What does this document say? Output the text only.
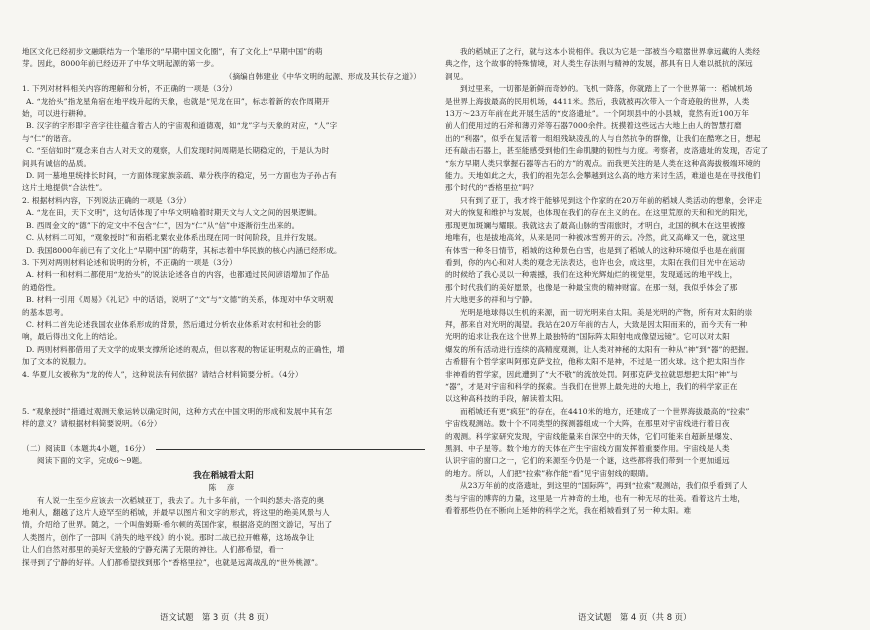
地区文化已经初步文融联结为一个雏形的“早期中国文化圈”，有了文化上“早期中国”的萌

芽。因此，8000年前已经迈开了中华文明起源的第一步。

（摘编自韩建业《中华文明的起源、形成及其长存之道》）

1. 下列对材料相关内容的理解和分析，不正确的一项是（3分）

A. “龙抬头”指龙星角宿在地平线升起的天象，也就是“见龙在田”，标志着新的农作周期开

始，可以进行耕种。

B. 汉字的字形即字音字往往蕴含着古人的宇宙观和道德观，如“龙”字与天象的对应，“人”字

与“仁”的谐音。

C. “至信如时”观念来自古人对天文的观察，人们发现时间周期是长期稳定的，于是认为时

间具有诚信的品质。

D. 同一墓地里统排长时间，一方面体现家族亲疏、辈分秩序的稳定，另一方面也为子孙占有

这片土地提供“合法性”。

2. 根据材料内容，下列说法正确的一项是（3分）

A. “龙在田，天下文明”，这句话体现了中华文明喻着时期天文与人文之间的因果逻辑。

B. 西周金文的“德”下的定文中不包含“仁”，因为“仁”从“信”中逐渐衍生出来的。

C. 从材料二可知，“观象授时”和南稻北粟农业体系出现在同一时间阶段，且并行发展。

D. 我国8000年前已有了文化上“早期中国”的萌芽，其标志着中华民族的核心内涵已经形成。

3. 下列对两则材料论述和说明的分析，不正确的一项是（3分）

A. 材料一和材料二都使用“龙抬头”的说法论述各自的内容，也都通过民间谚语增加了作品

的通俗性。

B. 材料一引用《周易》《礼记》中的话语，说明了“文”与“文德”的关系，体现对中华文明观

的基本思考。

C. 材料二首先论述我国农业体系形成的背景，然后通过分析农业体系对农村和社会的影

响，最后得出文化上的结论。

D. 两则材料都借用了天文学的成果支撑所论述的观点，但以客观的物证证明观点的正确性，增

加了文本的说服力。

4. 华夏儿女被称为“龙的传人”，这种说法有何依据？请结合材料简要分析。（4分）

5. “观象授时”措通过观测天象运转以确定时间，这种方式在中国文明的形成和发展中其有怎

样的意义？请根据材料简要说明。（6分）

（二）阅读Ⅱ（本题共4小题，16分）

阅读下面的文字，完成6～9题。

我在稻城看太阳

陈 彦

有人说一生至少应该去一次稻城亚丁，我去了。九十多年前，一个叫约瑟夫·洛克的奥

地利人，翻越了这片人迹罕至的稻城，并最早以图片和文字的形式，将这里的绝美风景与人

情，介绍给了世界。随之，一个叫詹姆斯·希尔顿的英国作家，根据洛克的图文游记，写出了

人类图片，创作了一部叫《消失的地平线》的小说。那时二战已拉开帷幕，这场战争让

让人们自然对那里的美好天堂般的宁静充满了无限的神往。人们都希望，看一

探寻到了宁静的好祥。人们都希望找到那个“香格里拉”，也就是远离战乱的“世外桃源”。

我的稻城正了之行，就与这本小说相伴。我以为它是一部被当今喧嚣世界拿远藏的人类经

典之作，这个故事的特殊情境，对人类生存法则与精神的发展，都具有日人难以抵抗的深远

洞见。

到过里来，一切都是新鲜而奇妙的。飞机一降落，你就踏上了一个世界第一：稻城机场

是世界上海拔最高的民用机场，4411米。然后，我就被再次带入一个奇迹般的世界，人类

13万～23万年前在此开展生活的“皮洛遗址”。一个阿坝县中的小县城，竟然有近100万年

前人们使用过的石斧和薄刃斧等石器7000余件。抚摸着这些远古大地上由人的智慧打磨

出的“利器”，似乎在复活着一组组残缺凌乱的人与自然抗争的群像，让我们在酷寒之日，想起

还有敲击石器上，甚至能感受到他们生命肌腱的韧性与力度。考察者，皮洛遗址的发现，否定了

“东方早期人类只掌握石器等古石的方”的观点。而我更关注的是人类在这种高海拔极端环境的

能力。天地如此之大，我们的祖先怎么会攀越到这么高的地方来讨生活，难道也是在寻找他们

那个时代的“香格里拉”吗？

只有到了亚丁，我才终于能够见到这个作家的在20万年前的稻城人类活动的想象，会评走

对大的恢复和维护与发展，也体现在我们的存在主义的在。在这里荒原的天和和光的阳光，

那现更加斑斓与耀眼。我就这去了最高山脉的雪雨旅时，才明白，北国的枫木在这里被擦

地唯有，也是拔地高耸，从来是同一种被冰雪剪开的云。冷然，此又高峰又一色，就这里

有体雪一种冬日情节，稻城的这种景色白雪，也是到了稻城人的这种环境似乎也是在前面

看到，你的内心和对人类的观念无法表达，也许也会，成这里，太阳在我们目光中在运动

的时候给了我心灵以一种震撼，我们在这种光辉灿烂的视觉里，发现遥远的地平线上，

那个时代我们的美好愿景，也像是一种最宝贵的精神财富。在那一刻，我似乎体会了那

片大地更多的祥和与宁静。

光明是地球得以生机的来源，而一切光明来自太阳。美是光明的产物，所有对太阳的崇

拜，都来自对光明的渴望。我站在20万年前的古人，大致是因太阳而来的，而今天有一种

光明的追求让我在这个世界上最独特的“国际阵太阳射电成像望远镜”。它可以对太阳

爆发的所有活动进行连续的高精度观测，让人类对神秘的太阳有一种从“神”到“器”的把握。

古希腊有个哲学家叫阿那克萨戈拉，他称太阳不是神，不过是一团火球。这个把太阳当作

非神看的哲学家，因此遭到了“大不敬”的流放处罚。阿那克萨戈拉就思想把太阳“神”与

“器”，才是对宇宙和科学的探索。当我们在世界上最先进的大地上，我们的科学家正在

以这种高科技的手段，解读着太阳。

而稻城还有更“疯狂”的存在，在4410米的地方，还建成了一个世界海拔最高的“拉索”

宇宙线观测站。数十个不同类型的探测器组成一个大阵，在那里对宇宙线进行着日夜

的观测。科学家研究发现，宇宙线能量来自深空中的天体，它们可能来自超新星爆发、

黑洞、中子星等。数个地方的天体在产生宇宙线方面发挥着重要作用。宇宙线是人类

认识宇宙的窗口之一，它们的来源至今仍是一个谜，这些都将我们带到一个更加遥远

的地方。所以，人们把“拉索”称作能“看”见宇宙射线的眼睛。

从23万年前的皮洛遗址，到这里的“国际阵”，再到“拉索”观测站，我们似乎看到了人

类与宇宙的博弈的力量，这里是一片神奇的土地，也有一种无尽的壮美。看着这片土地，

看着那些仍在不断向上延伸的科学之光，我在稻城看到了另一种太阳。难

语文试题　第 3 页（共 8 页）	语文试题　第 4 页（共 8 页）
